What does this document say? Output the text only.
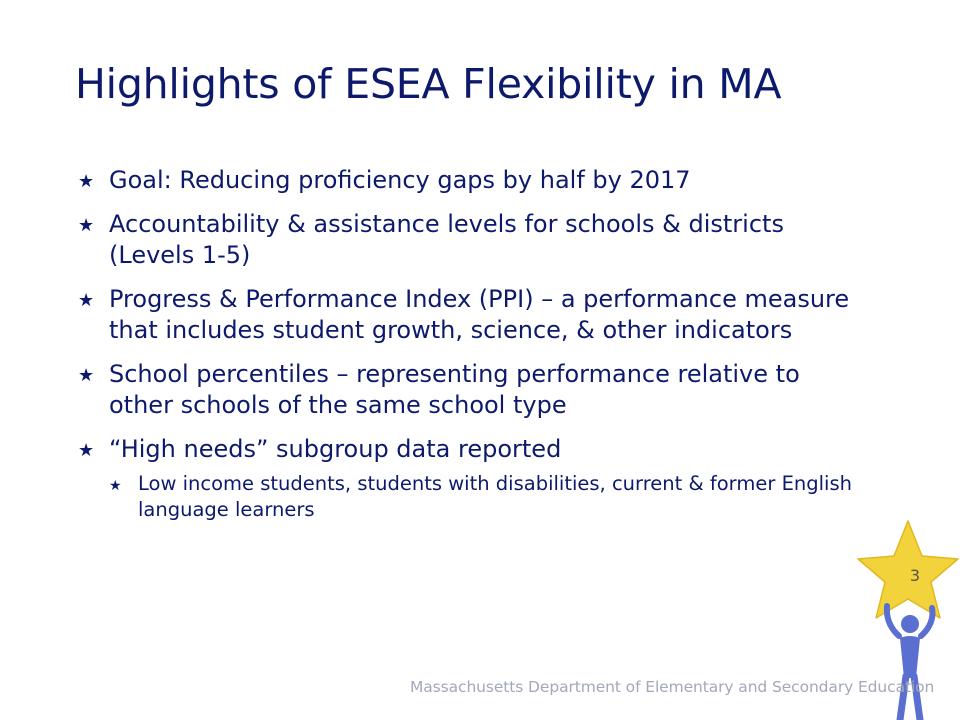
Highlights of ESEA Flexibility in MA
★ Goal: Reducing proficiency gaps by half by 2017
★ Accountability & assistance levels for schools & districts (Levels 1-5)
★ Progress & Performance Index (PPI) – a performance measure that includes student growth, science, & other indicators
★ School percentiles – representing performance relative to other schools of the same school type
★ “High needs” subgroup data reported
★ Low income students, students with disabilities, current & former English language learners
3
Massachusetts Department of Elementary and Secondary Education
